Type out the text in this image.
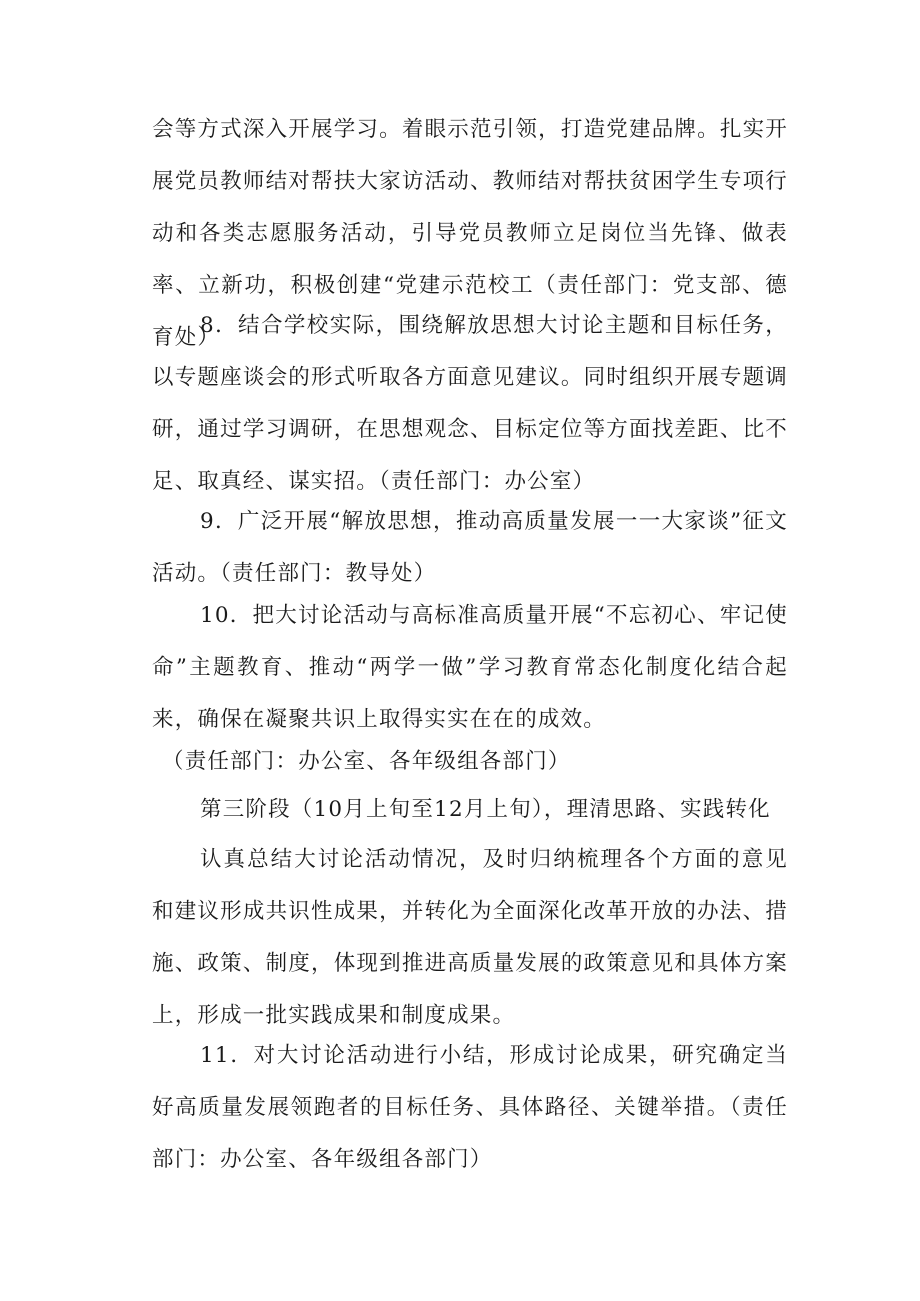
会等方式深入开展学习。着眼示范引领，打造党建品牌。扎实开展党员教师结对帮扶大家访活动、教师结对帮扶贫困学生专项行动和各类志愿服务活动，引导党员教师立足岗位当先锋、做表率、立新功，积极创建“党建示范校工（责任部门：党支部、德育处）

8．结合学校实际，围绕解放思想大讨论主题和目标任务，以专题座谈会的形式听取各方面意见建议。同时组织开展专题调研，通过学习调研，在思想观念、目标定位等方面找差距、比不足、取真经、谋实招。（责任部门：办公室）

9．广泛开展“解放思想，推动高质量发展一一大家谈”征文活动。（责任部门：教导处）

10．把大讨论活动与高标准高质量开展“不忘初心、牢记使命”主题教育、推动“两学一做”学习教育常态化制度化结合起来，确保在凝聚共识上取得实实在在的成效。

（责任部门：办公室、各年级组各部门）

第三阶段（10月上旬至12月上旬），理清思路、实践转化

认真总结大讨论活动情况，及时归纳梳理各个方面的意见和建议形成共识性成果，并转化为全面深化改革开放的办法、措施、政策、制度，体现到推进高质量发展的政策意见和具体方案上，形成一批实践成果和制度成果。

11．对大讨论活动进行小结，形成讨论成果，研究确定当好高质量发展领跑者的目标任务、具体路径、关键举措。（责任部门：办公室、各年级组各部门）
